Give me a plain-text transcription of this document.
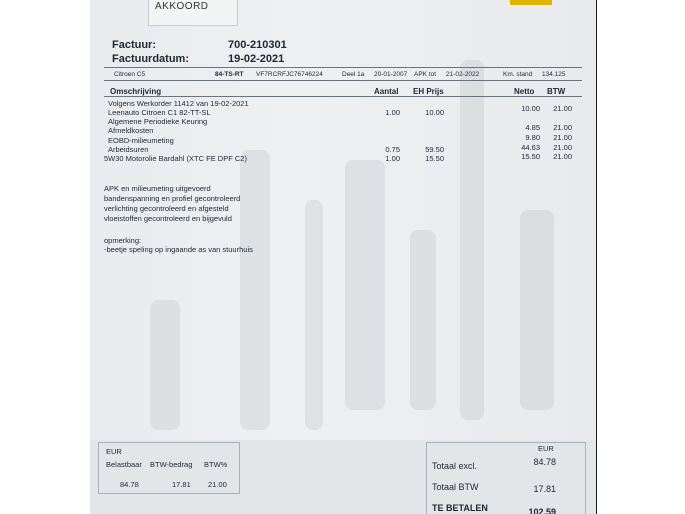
AKKOORD
Factuur:	700-210301
Factuurdatum:	19-02-2021
Citroen C5	84-TS-RT VF7RCRFJC76746224	Deel 1a 20-01-2007 APK tot 21-02-2022	Km. stand 134.125
Omschrijving	Aantal EH Prijs	Netto BTW
Volgens Werkorder 11412 van 19-02-2021
Leenauto Citroen C1 82-TT-SL	1.00	10.00	10.00	21.00
Algemene Periodieke Keuring
Afmeldkosten	4.85	21.00
EOBD-milieumeting	9.80	21.00
Arbeidsuren	0.75	59.50	44.63	21.00
5W30 Motorolie Bardahl (XTC FE DPF C2)	1.00	15.50	15.50	21.00
APK en milieumeting uitgevoerd
bandenspanning en profiel gecontroleerd
verlichting gecontroleerd en afgesteld
vloeistoffen gecontroleerd en bijgevuld
opmerking:
-beetje speling op ingaande as van stuurhuis
EUR
Belastbaar BTW-bedrag BTW%
84.78	17.81 21.00
EUR
Totaal excl.	84.78
Totaal BTW	17.81
TE BETALEN	102.59
